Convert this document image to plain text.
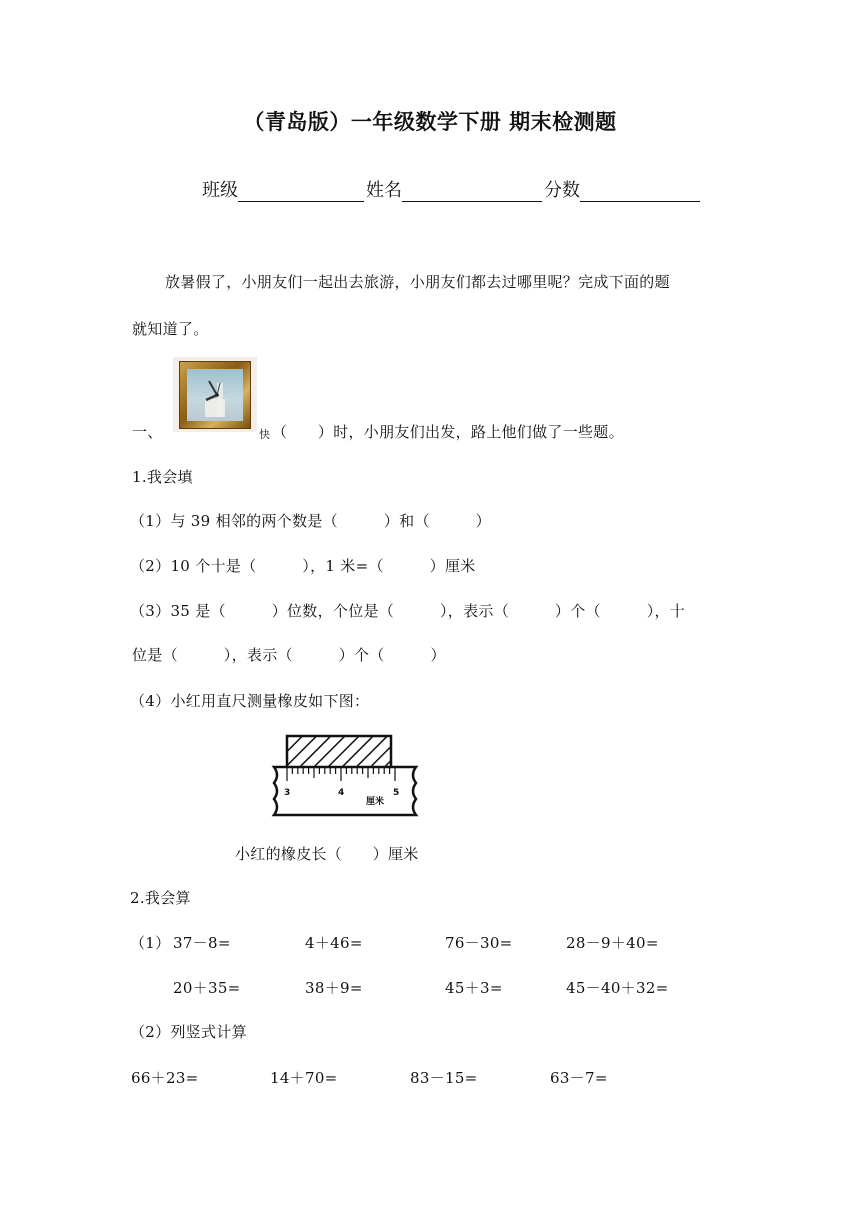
（青岛版）一年级数学下册 期末检测题
班级	姓名	分数
放暑假了，小朋友们一起出去旅游，小朋友们都去过哪里呢？完成下面的题
就知道了。
一、	快 （　　）时，小朋友们出发，路上他们做了一些题。
1.我会填
（1）与 39 相邻的两个数是（　　　）和（　　　）
（2）10 个十是（　　　），1 米=（　　　）厘米
（3）35 是（　　　）位数，个位是（　　　），表示（　　　）个（　　　），十
位是（　　　），表示（　　　）个（　　　）
（4）小红用直尺测量橡皮如下图：
3	4	5
厘米
小红的橡皮长（　　）厘米
2.我会算
（1） 37－8=	4＋46=	76－30=	28－9＋40=
20＋35=	38＋9=	45＋3=	45－40＋32=
（2）列竖式计算
66＋23=	14＋70=	83－15=	63－7=
